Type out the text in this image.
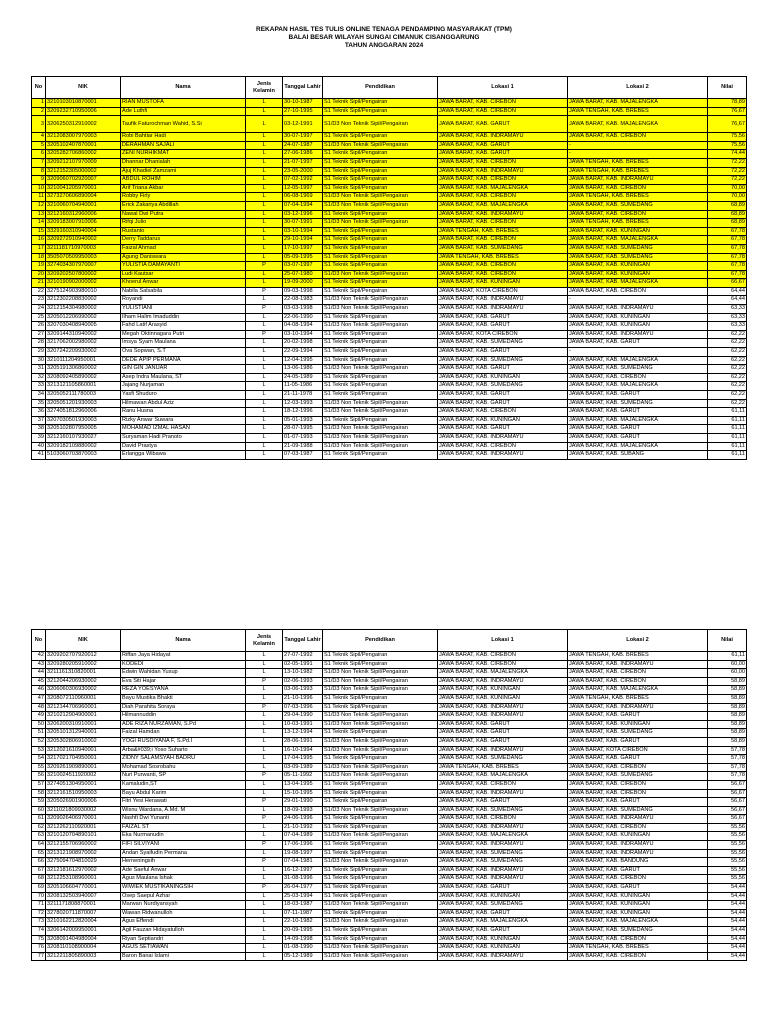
REKAPAN HASIL TES TULIS ONLINE TENAGA PENDAMPING MASYARAKAT (TPM)
BALAI BESAR WILAYAH SUNGAI CIMANUK CISANGGARUNG
TAHUN ANGGARAN 2024
No	NIK	Nama	Jenis Kelamin	Tanggal Lahir	Pendidikan	Lokasi 1	Lokasi 2	Nilai
1	3210103010870001	RIAN MUSTOFA	L	30-10-1987	S1 Teknik Sipil/Pengairan	JAWA BARAT, KAB. CIREBON	JAWA BARAT, KAB. MAJALENGKA	78,89
2	3209232710950006	Ade Luthfi	L	27-10-1995	S1 Teknik Sipil/Pengairan	JAWA BARAT, KAB. CIREBON	JAWA TENGAH, KAB. BREBES	76,67
3	3206250312910002	Taufik Faturochman Wahid, S.Si	L	03-12-1991	S1/D3 Non Teknik Sipil/Pengairan	JAWA BARAT, KAB. GARUT	JAWA BARAT, KAB. MAJALENGKA	76,67
4	3212083007970003	Robi Bahtiar Hadi	L	30-07-1997	S1 Teknik Sipil/Pengairan	JAWA BARAT, KAB. INDRAMAYU	JAWA BARAT, KAB. CIREBON	75,56
5	3205102407870001	DERAHMAN SAJALI	L	24-07-1987	S1/D3 Non Teknik Sipil/Pengairan	JAWA BARAT, KAB. GARUT	-	75,56
6	3205282706860002	ZENI NURHIKMAT	L	27-06-1986	S1 Teknik Sipil/Pengairan	JAWA BARAT, KAB. GARUT	-	74,44
7	3209212107970009	Dhannar Dhanialah	L	21-07-1997	S1 Teknik Sipil/Pengairan	JAWA BARAT, KAB. CIREBON	JAWA TENGAH, KAB. BREBES	72,22
8	3212152305000002	Ajuj Khadiel Zamzami	L	23-05-2000	S1 Teknik Sipil/Pengairan	JAWA BARAT, KAB. INDRAMAYU	JAWA TENGAH, KAB. BREBES	72,22
9	3209060702920007	ABDUL ROHIM	L	07-02-1992	S1 Teknik Sipil/Pengairan	JAWA BARAT, KAB. CIREBON	JAWA BARAT, KAB. INDRAMAYU	72,22
10	3210041205970001	Arif Triana Akbar	L	12-05-1997	S1 Teknik Sipil/Pengairan	JAWA BARAT, KAB. MAJALENGKA	JAWA BARAT, KAB. CIREBON	70,00
11	3273270606890004	Robby Firly	L	06-08-1969	S1/D3 Non Teknik Sipil/Pengairan	JAWA BARAT, KAB. CIREBON	JAWA TENGAH, KAB. BREBES	70,00
12	3210060704940001	Erick Zakariya Abdillah	L	07-04-1994	S1/D3 Non Teknik Sipil/Pengairan	JAWA BARAT, KAB. MAJALENGKA	JAWA BARAT, KAB. SUMEDANG	68,89
13	3212160312960006	Nawal Dwi Putra	L	03-12-1996	S1 Teknik Sipil/Pengairan	JAWA BARAT, KAB. INDRAMAYU	JAWA BARAT, KAB. CIREBON	68,89
14	3209183007910006	Rifqi Julio	L	30-07-1991	S1/D3 Non Teknik Sipil/Pengairan	JAWA BARAT, KAB. CIREBON	JAWA TENGAH, KAB. BREBES	68,89
15	3329160310940004	Rustanto	L	03-10-1994	S1 Teknik Sipil/Pengairan	JAWA TENGAH, KAB. BREBES	JAWA BARAT, KAB. KUNINGAN	67,78
16	3209272910940002	Derry Taddarus	L	29-10-1994	S1 Teknik Sipil/Pengairan	JAWA BARAT, KAB. CIREBON	JAWA BARAT, KAB. MAJALENGKA	67,78
17	3211181710970003	Faizal Ahmad	L	17-10-1997	S1 Teknik Sipil/Pengairan	JAWA BARAT, KAB. SUMEDANG	JAWA BARAT, KAB. SUMEDANG	67,78
18	3505070509950003	Agung Daniswara	L	05-09-1995	S1 Teknik Sipil/Pengairan	JAWA TENGAH, KAB. BREBES	JAWA BARAT, KAB. SUMEDANG	67,78
19	3274034307970007	YULISTIA DAMAYANTI	P	03-07-1997	S1 Teknik Sipil/Pengairan	JAWA BARAT, KAB. CIREBON	JAWA BARAT, KAB. KUNINGAN	67,78
20	3209202507800002	Ludi Kautsar	L	25-07-1980	S1/D3 Non Teknik Sipil/Pengairan	JAWA BARAT, KAB. CIREBON	JAWA BARAT, KAB. KUNINGAN	67,78
21	3210190902000002	Khoerul Anwar	L	19-09-2000	S1 Teknik Sipil/Pengairan	JAWA BARAT, KAB. KUNINGAN	JAWA BARAT, KAB. MAJALENGKA	66,67
22	3275124903980010	Nabila Salsabila	P	09-03-1998	S1 Teknik Sipil/Pengairan	JAWA BARAT, KOTA CIREBON	JAWA BARAT, KAB. CIREBON	64,44
23	3212302208830002	Royandi	L	22-08-1983	S1/D3 Non Teknik Sipil/Pengairan	JAWA BARAT, KAB. INDRAMAYU	-	64,44
24	3212154304980002	YULISTIANI	P	03-03-1998	S1/D3 Non Teknik Sipil/Pengairan	JAWA BARAT, KAB. INDRAMAYU	JAWA BARAT, KAB. INDRAMAYU	63,33
25	3205012206990002	Ilham Halim Imaduddin	L	22-06-1990	S1 Teknik Sipil/Pengairan	JAWA BARAT, KAB. GARUT	JAWA BARAT, KAB. KUNINGAN	63,33
26	3207030408940005	Fahd Latif Arasyid	L	04-08-1994	S1/D3 Non Teknik Sipil/Pengairan	JAWA BARAT, KAB. GARUT	JAWA BARAT, KAB. KUNINGAN	63,33
27	3209144310940002	Megah Oktinnagara Putri	P	03-10-1994	S1 Teknik Sipil/Pengairan	JAWA BARAT, KOTA CIREBON	JAWA BARAT, KAB. INDRAMAYU	62,22
28	3217062002980002	Imsya Syam Maulana	L	20-02-1998	S1 Teknik Sipil/Pengairan	JAWA BARAT, KAB. SUMEDANG	JAWA BARAT, KAB. GARUT	62,22
29	3207242209930002	Ova Sopwan, S.T	L	22-09-1994	S1 Teknik Sipil/Pengairan	JAWA BARAT, KAB. GARUT	-	62,22
30	3210111204950001	DEDE APIP PERMANA	L	12-04-1995	S1 Teknik Sipil/Pengairan	JAWA BARAT, KAB. SUMEDANG	JAWA BARAT, KAB. MAJALENGKA	62,22
31	3205191306860002	GIN GIN JANUAR	L	13-06-1986	S1/D3 Non Teknik Sipil/Pengairan	JAWA BARAT, KAB. GARUT	JAWA BARAT, KAB. SUMEDANG	62,22
32	3208092405890002	Asep Indra Maulana, ST	L	24-05-1989	S1 Teknik Sipil/Pengairan	JAWA BARAT, KAB. KUNINGAN	JAWA BARAT, KAB. CIREBON	62,22
33	3213121105860001	Jajang Nurjaman	L	11-05-1986	S1 Teknik Sipil/Pengairan	JAWA BARAT, KAB. SUMEDANG	JAWA BARAT, KAB. MAJALENGKA	62,22
34	3205052111780003	Yasfi Shuduro	L	21-11-1978	S1 Teknik Sipil/Pengairan	JAWA BARAT, KAB. GARUT	JAWA BARAT, KAB. GARUT	62,22
35	3205051201930003	Hilmawan Abdul Aziz	L	12-03-1993	S1/D3 Non Teknik Sipil/Pengairan	JAWA BARAT, KAB. GARUT	JAWA BARAT, KAB. SUMEDANG	62,22
36	3274051812960006	Ranu Husna	L	18-12-1996	S1/D3 Non Teknik Sipil/Pengairan	JAWA BARAT, KAB. CIREBON	JAWA BARAT, KAB. GARUT	61,11
37	3207030501930003	Rizky Anwar Suwara	L	05-01-1993	S1 Teknik Sipil/Pengairan	JAWA BARAT, KAB. KUNINGAN	JAWA BARAT, KAB. MAJALENGKA	61,11
38	3205102807950005	MOHAMAD IZMAL HASAN	L	28-07-1995	S1/D3 Non Teknik Sipil/Pengairan	JAWA BARAT, KAB. GARUT	JAWA BARAT, KAB. GARUT	61,11
39	3212160107930027	Suryaman Hadi Pranoto	L	01-07-1993	S1/D3 Non Teknik Sipil/Pengairan	JAWA BARAT, KAB. INDRAMAYU	JAWA BARAT, KAB. GARUT	61,11
40	3209182109880002	David Prastya	L	21-09-1988	S1/D3 Non Teknik Sipil/Pengairan	JAWA BARAT, KAB. CIREBON	JAWA BARAT, KAB. MAJALENGKA	61,11
41	5103060703870003	Erlangga Wibawa	L	07-03-1987	S1 Teknik Sipil/Pengairan	JAWA BARAT, KAB. INDRAMAYU	JAWA BARAT, KAB. SUBANG	61,11
No	NIK	Nama	Jenis Kelamin	Tanggal Lahir	Pendidikan	Lokasi 1	Lokasi 2	Nilai
42	3209202707920012	Riffan Jaya Hidayat	L	27-07-1992	S1 Teknik Sipil/Pengairan	JAWA BARAT, KAB. CIREBON	JAWA TENGAH, KAB. BREBES	61,11
43	3209280205910002	KODEDI	L	02-05-1991	S1 Teknik Sipil/Pengairan	JAWA BARAT, KAB. CIREBON	JAWA BARAT, KAB. INDRAMAYU	60,00
44	3211161310820001	Edwin Wahidan Yusup	L	13-10-1982	S1/D3 Non Teknik Sipil/Pengairan	JAWA BARAT, KAB. MAJALENGKA	JAWA BARAT, KAB. CIREBON	60,00
45	3212044206930002	Eva Siti Hajar	P	02-06-1993	S1/D3 Non Teknik Sipil/Pengairan	JAWA BARAT, KAB. INDRAMAYU	JAWA BARAT, KAB. CIREBON	58,89
46	3206060306930002	REZA YOESYANA	L	03-06-1993	S1/D3 Non Teknik Sipil/Pengairan	JAWA BARAT, KAB. KUNINGAN	JAWA BARAT, KAB. MAJALENGKA	58,89
47	3208072110960001	Bayu Mustika Bhakti	L	21-10-1996	S1 Teknik Sipil/Pengairan	JAWA BARAT, KAB. KUNINGAN	JAWA TENGAH, KAB. BREBES	58,89
48	3212144706960001	Diah Parahita Soraya	P	07-03-1996	S1 Teknik Sipil/Pengairan	JAWA BARAT, KAB. INDRAMAYU	JAWA BARAT, KAB. INDRAMAYU	58,89
49	3210212904900001	Hilmannuddin	L	29-04-1990	S1/D3 Non Teknik Sipil/Pengairan	JAWA BARAT, KAB. INDRAMAYU	JAWA BARAT, KAB. GARUT	58,89
50	3206200310910001	ADE RIZA NURZAMAN, S.Pd	L	10-03-1991	S1/D3 Non Teknik Sipil/Pengairan	JAWA BARAT, KAB. GARUT	JAWA BARAT, KAB. KUNINGAN	58,89
51	3205101312940001	Faizal Hamdan	L	13-12-1994	S1 Teknik Sipil/Pengairan	JAWA BARAT, KAB. GARUT	JAWA BARAT, KAB. SUMEDANG	58,89
52	3205302806910002	YOGI RUSDIYANA F, S.Pd.I	L	28-06-1991	S1/D3 Non Teknik Sipil/Pengairan	JAWA BARAT, KAB. GARUT	JAWA BARAT, KAB. GARUT	58,89
53	3212021610940001	Arba&#039;i Yoso Suharto	L	16-10-1994	S1/D3 Non Teknik Sipil/Pengairan	JAWA BARAT, KAB. INDRAMAYU	JAWA BARAT, KOTA CIREBON	57,78
54	3217021704950001	ZIDNY SALAMSYAH BADRU	L	17-04-1995	S1 Teknik Sipil/Pengairan	JAWA BARAT, KAB. SUMEDANG	JAWA BARAT, KAB. GARUT	57,78
55	3209261909890001	Mohamad Sosrobahu	L	03-09-1989	S1/D3 Non Teknik Sipil/Pengairan	JAWA TENGAH, KAB. BREBES	JAWA BARAT, KAB. CIREBON	57,78
56	3210024511920002	Nuri Purwanti, SP	P	05-11-1992	S1/D3 Non Teknik Sipil/Pengairan	JAWA BARAT, KAB. MAJALENGKA	JAWA BARAT, KAB. SUMEDANG	57,78
57	3274051304950001	Kamaludin,ST	L	13-04-1995	S1 Teknik Sipil/Pengairan	JAWA BARAT, KAB. CIREBON	JAWA BARAT, KAB. CIREBON	56,67
58	3212161510950003	Bayu Abdul Karim	L	15-10-1995	S1 Teknik Sipil/Pengairan	JAWA BARAT, KAB. INDRAMAYU	JAWA BARAT, KAB. CIREBON	56,67
59	3205026901900006	Fitri Yesi Herawati	P	29-01-1990	S1 Teknik Sipil/Pengairan	JAWA BARAT, KAB. GARUT	JAWA BARAT, KAB. GARUT	56,67
60	3211021809930002	Wisnu Wardana, A.Md. M	L	18-09-1993	S1/D3 Non Teknik Sipil/Pengairan	JAWA BARAT, KAB. SUMEDANG	JAWA BARAT, KAB. SUMEDANG	56,67
61	3209026406970001	Nashfi Dwi Yunanti	P	24-06-1996	S1 Teknik Sipil/Pengairan	JAWA BARAT, KAB. CIREBON	JAWA BARAT, KAB. INDRAMAYU	56,67
62	3212262110920001	FAIZAL ST	L	21-10-1992	S1 Teknik Sipil/Pengairan	JAWA BARAT, KAB. INDRAMAYU	JAWA BARAT, KAB. CIREBON	55,56
63	3210120704890101	Eka Nurmanudin	L	07-04-1989	S1/D3 Non Teknik Sipil/Pengairan	JAWA BARAT, KAB. MAJALENGKA	JAWA BARAT, KAB. KUNINGAN	55,56
64	3212155706960002	FIFI SILVIYANI	P	17-06-1996	S1 Teknik Sipil/Pengairan	JAWA BARAT, KAB. INDRAMAYU	JAWA BARAT, KAB. INDRAMAYU	55,56
65	3213121908970002	Andan Syaifudin Permana	L	19-08-1997	S1 Teknik Sipil/Pengairan	JAWA BARAT, KAB. SUMEDANG	JAWA BARAT, KAB. INDRAMAYU	55,56
66	3275094704810029	Herneningsih	P	07-04-1981	S1/D3 Non Teknik Sipil/Pengairan	JAWA BARAT, KAB. SUMEDANG	JAWA BARAT, KAB. BANDUNG	55,56
67	3212181612970002	Ade Saeful Anwar	L	16-12-1997	S1 Teknik Sipil/Pengairan	JAWA BARAT, KAB. INDRAMAYU	JAWA BARAT, KAB. GARUT	55,56
68	3212253108960001	Agus Maulana Ishak	L	31-08-1996	S1 Teknik Sipil/Pengairan	JAWA BARAT, KAB. INDRAMAYU	JAWA BARAT, KAB. CIREBON	55,56
69	3205106604770001	WIWIEK MUSTIKANINGSIH	P	26-04-1977	S1 Teknik Sipil/Pengairan	JAWA BARAT, KAB. GARUT	JAWA BARAT, KAB. GARUT	54,44
70	3208132503940007	Osep Saepul Azhar	L	25-03-1994	S1 Teknik Sipil/Pengairan	JAWA BARAT, KAB. KUNINGAN	JAWA BARAT, KAB. KUNINGAN	54,44
71	3211171808870001	Marwan Nurdiyansyah	L	18-03-1987	S1/D3 Non Teknik Sipil/Pengairan	JAWA BARAT, KAB. SUMEDANG	JAWA BARAT, KAB. KUNINGAN	54,44
72	3278020711870007	Wawan Ridwanulloh	L	07-11-1987	S1 Teknik Sipil/Pengairan	JAWA BARAT, KAB. GARUT	JAWA BARAT, KAB. KUNINGAN	54,44
73	3210162212820004	Agus Effendi	L	22-10-1982	S1/D3 Non Teknik Sipil/Pengairan	JAWA BARAT, KAB. MAJALENGKA	JAWA BARAT, KAB. MAJALENGKA	54,44
74	3206142009950001	Agil Fauzan Hidayatulloh	L	20-09-1995	S1 Teknik Sipil/Pengairan	JAWA BARAT, KAB. GARUT	JAWA BARAT, KAB. SUMEDANG	54,44
75	3208091404980004	Riyan Septiandri	L	14-09-1998	S1 Teknik Sipil/Pengairan	JAWA BARAT, KAB. KUNINGAN	JAWA BARAT, KAB. CIREBON	54,44
76	3208110108900004	AGUS SETIAWAN	L	01-08-1990	S1/D3 Non Teknik Sipil/Pengairan	JAWA BARAT, KAB. KUNINGAN	JAWA TENGAH, KAB. BREBES	54,44
77	3212211805890003	Baron Banai Islami	L	05-12-1989	S1/D3 Non Teknik Sipil/Pengairan	JAWA BARAT, KAB. INDRAMAYU	JAWA BARAT, KAB. CIREBON	54,44
